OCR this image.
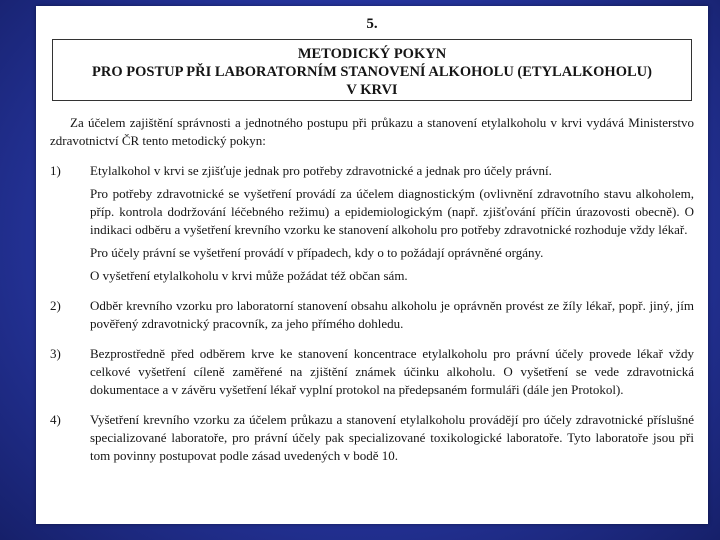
5.
METODICKÝ POKYN
PRO POSTUP PŘI LABORATORNÍM STANOVENÍ ALKOHOLU (ETYLALKOHOLU)
V KRVI

Za účelem zajištění správnosti a jednotného postupu při průkazu a stanovení etylalkoholu v krvi vydává Ministerstvo zdravotnictví ČR tento metodický pokyn:

1)	Etylalkohol v krvi se zjišťuje jednak pro potřeby zdravotnické a jednak pro účely právní.

Pro potřeby zdravotnické se vyšetření provádí za účelem diagnostickým (ovlivnění zdravotního stavu alkoholem, příp. kontrola dodržování léčebného režimu) a epidemiologickým (např. zjišťování příčin úrazovosti obecně). O indikaci odběru a vyšetření krevního vzorku ke stanovení alkoholu pro potřeby zdravotnické rozhoduje vždy lékař.

Pro účely právní se vyšetření provádí v případech, kdy o to požádají oprávněné orgány.

O vyšetření etylalkoholu v krvi může požádat též občan sám.

2)	Odběr krevního vzorku pro laboratorní stanovení obsahu alkoholu je oprávněn provést ze žíly lékař, popř. jiný, jím pověřený zdravotnický pracovník, za jeho přímého dohledu.

3)	Bezprostředně před odběrem krve ke stanovení koncentrace etylalkoholu pro právní účely provede lékař vždy celkové vyšetření cíleně zaměřené na zjištění známek účinku alkoholu. O vyšetření se vede zdravotnická dokumentace a v závěru vyšetření lékař vyplní protokol na předepsaném formuláři (dále jen Protokol).

4)	Vyšetření krevního vzorku za účelem průkazu a stanovení etylalkoholu provádějí pro účely zdravotnické příslušné specializované laboratoře, pro právní účely pak specializované toxikologické laboratoře. Tyto laboratoře jsou při tom povinny postupovat podle zásad uvedených v bodě 10.
